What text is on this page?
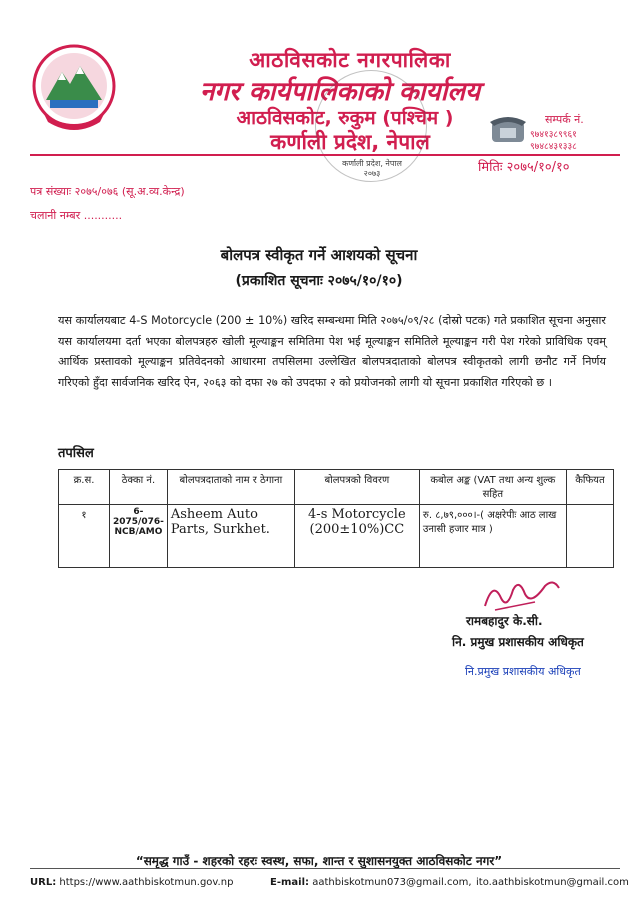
आठविसकोट नगरपालिका
नगर कार्यपालिकाको कार्यालय
आठविसकोट, रुकुम (पश्चिम )
कर्णाली प्रदेश, नेपाल
कर्णाली प्रदेश, नेपाल
२०७३
सम्पर्क नं.
९७४१३८९९६१
९७४८४३१३३८
मितिः २०७५/१०/१०
पत्र संख्याः २०७५/०७६ (सू.अ.व्य.केन्द्र)
चलानी नम्बर ...........
बोलपत्र स्वीकृत गर्ने आशयको सूचना
(प्रकाशित सूचनाः २०७५/१०/१०)
यस कार्यालयबाट 4-S Motorcycle (200 ± 10%) खरिद सम्बन्धमा मिति २०७५/०९/२८ (दोस्रो पटक) गते प्रकाशित सूचना अनुसार यस कार्यालयमा दर्ता भएका बोलपत्रहरु खोली मूल्याङ्कन समितिमा पेश भई मूल्याङ्कन समितिले मूल्याङ्कन गरी पेश गरेको प्राविधिक एवम् आर्थिक प्रस्तावको मूल्याङ्कन प्रतिवेदनको आधारमा तपसिलमा उल्लेखित बोलपत्रदाताको बोलपत्र स्वीकृतको लागी छनौट गर्ने निर्णय गरिएको हुँदा सार्वजनिक खरिद ऐन, २०६३ को दफा २७ को उपदफा २ को प्रयोजनको लागी यो सूचना प्रकाशित गरिएको छ ।
तपसिल
क्र.स.	ठेक्का नं.	बोलपत्रदाताको नाम र ठेगाना	बोलपत्रको विवरण	कबोल अङ्क (VAT तथा अन्य शुल्क सहित	कैफियत
१	6-2075/076-NCB/AMO	Asheem Auto Parts, Surkhet.	4-s Motorcycle (200±10%)CC	रु. ८,७९,०००।-( अक्षरेपीः आठ लाख उनासी हजार मात्र )	
रामबहादुर के.सी.
नि. प्रमुख प्रशासकीय अधिकृत
नि.प्रमुख प्रशासकीय अधिकृत
“समृद्ध गाउँ - शहरको रहरः स्वस्थ, सफा, शान्त र सुशासनयुक्त आठविसकोट नगर”
URL: https://www.aathbiskotmun.gov.np	E-mail: aathbiskotmun073@gmail.com, ito.aathbiskotmun@gmail.com
